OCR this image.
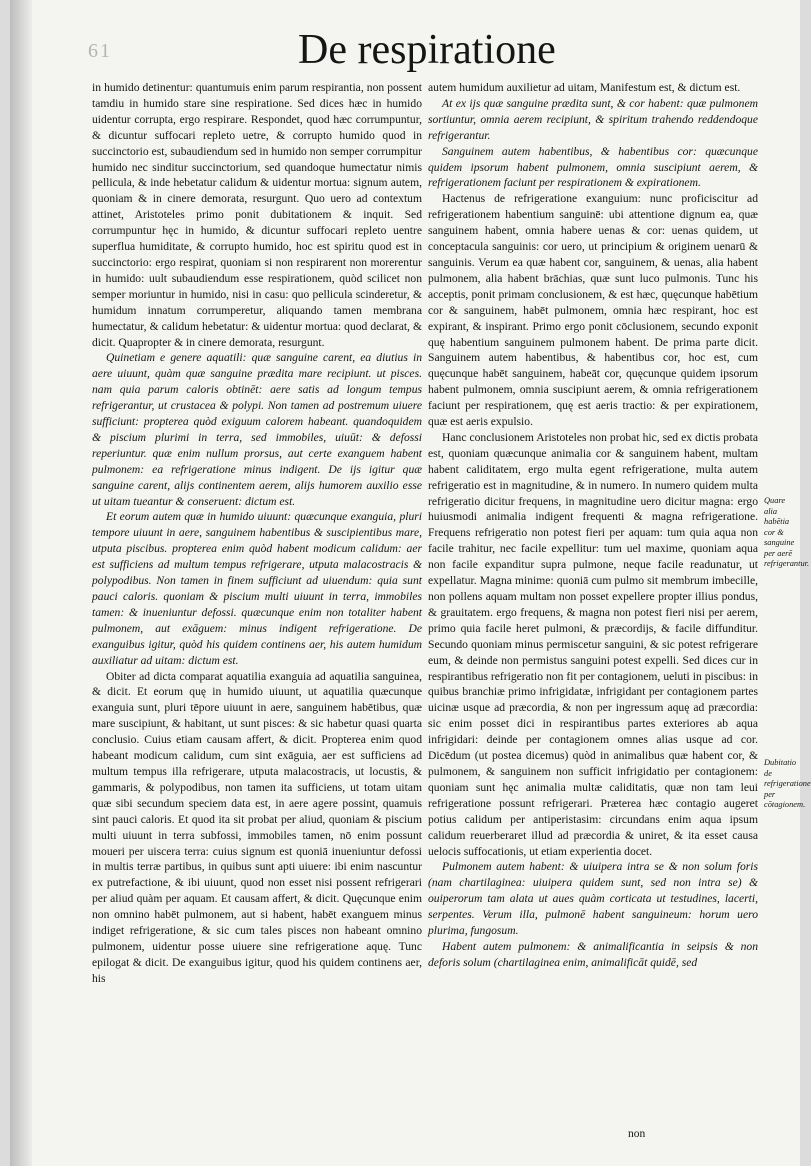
61	De respiratione

in humido detinentur: quantumuis enim parum respirantia, non possent tamdiu in humido stare sine respiratione. Sed dices hæc in humido uidentur corrupta, ergo respirare. Respondet, quod hæc corrumpuntur, & dicuntur suffocari repleto uetre, & corrupto humido quod in succinctorio est, subaudiendum sed in humido non semper corrumpitur humido nec sinditur succinctorium, sed quandoque humectatur nimis pellicula, & inde hebetatur calidum & uidentur mortua: signum autem, quoniam & in cinere demorata, resurgunt. Quo uero ad contextum attinet, Aristoteles primo ponit dubitationem & inquit. Sed corrumpuntur hęc in humido, & dicuntur suffocari repleto uentre superflua humiditate, & corrupto humido, hoc est spiritu quod est in succinctorio: ergo respirat, quoniam si non respirarent non morerentur in humido: uult subaudiendum esse respirationem, quòd scilicet non semper moriuntur in humido, nisi in casu: quo pellicula scinderetur, & humidum innatum corrumperetur, aliquando tamen membrana humectatur, & calidum hebetatur: & uidentur mortua: quod declarat, & dicit. Quapropter & in cinere demorata, resurgunt.

Quinetiam e genere aquatili: quæ sanguine carent, ea diutius in aere uiuunt, quàm quæ sanguine prædita mare recipiunt. ut pisces. nam quia parum caloris obtinēt: aere satis ad longum tempus refrigerantur, ut crustacea & polypi. Non tamen ad postremum uiuere sufficiunt: propterea quòd exiguum calorem habeant. quandoquidem & piscium plurimi in terra, sed immobiles, uiuūt: & defossi reperiuntur. quæ enim nullum prorsus, aut certe exanguem habent pulmonem: ea refrigeratione minus indigent. De ijs igitur quæ sanguine carent, alijs continentem aerem, alijs humorem auxilio esse ut uitam tueantur & conseruent: dictum est.

Et eorum autem quæ in humido uiuunt: quæcunque exanguia, pluri tempore uiuunt in aere, sanguinem habentibus & suscipientibus mare, utputa piscibus. propterea enim quòd habent modicum calidum: aer est sufficiens ad multum tempus refrigerare, utputa malacostracis & polypodibus. Non tamen in finem sufficiunt ad uiuendum: quia sunt pauci caloris. quoniam & piscium multi uiuunt in terra, immobiles tamen: & inueniuntur defossi. quæcunque enim non totaliter habent pulmonem, aut exāguem: minus indigent refrigeratione. De exanguibus igitur, quòd his quidem continens aer, his autem humidum auxiliatur ad uitam: dictum est.

Obiter ad dicta comparat aquatilia exanguia ad aquatilia sanguinea, & dicit. Et eorum quę in humido uiuunt, ut aquatilia quæcunque exanguia sunt, pluri tēpore uiuunt in aere, sanguinem habētibus, quæ mare suscipiunt, & habitant, ut sunt pisces: & sic habetur quasi quarta conclusio. Cuius etiam causam affert, & dicit. Propterea enim quod habeant modicum calidum, cum sint exāguia, aer est sufficiens ad multum tempus illa refrigerare, utputa malacostracis, ut locustis, & gammaris, & polypodibus, non tamen ita sufficiens, ut totam uitam quæ sibi secundum speciem data est, in aere agere possint, quamuis sint pauci caloris. Et quod ita sit probat per aliud, quoniam & piscium multi uiuunt in terra subfossi, immobiles tamen, nō enim possunt moueri per uiscera terra: cuius signum est quoniā inueniuntur defossi in multis terræ partibus, in quibus sunt apti uiuere: ibi enim nascuntur ex putrefactione, & ibi uiuunt, quod non esset nisi possent refrigerari per aliud quàm per aquam. Et causam affert, & dicit. Quęcunque enim non omnino habēt pulmonem, aut si habent, habēt exanguem minus indiget refrigeratione, & sic cum tales pisces non habeant omnino pulmonem, uidentur posse uiuere sine refrigeratione aquę. Tunc epilogat & dicit. De exanguibus igitur, quod his quidem continens aer, his

autem humidum auxilietur ad uitam, Manifestum est, & dictum est.

At ex ijs quæ sanguine prædita sunt, & cor habent: quæ pulmonem sortiuntur, omnia aerem recipiunt, & spiritum trahendo reddendoque refrigerantur.

Sanguinem autem habentibus, & habentibus cor: quæcunque quidem ipsorum habent pulmonem, omnia suscipiunt aerem, & refrigerationem faciunt per respirationem & expirationem.

Hactenus de refrigeratione exanguium: nunc proficiscitur ad refrigerationem habentium sanguinē: ubi attentione dignum ea, quæ sanguinem habent, omnia habere uenas & cor: uenas quidem, ut conceptacula sanguinis: cor uero, ut principium & originem uenarū & sanguinis. Verum ea quæ habent cor, sanguinem, & uenas, alia habent pulmonem, alia habent brāchias, quæ sunt luco pulmonis. Tunc his acceptis, ponit primam conclusionem, & est hæc, quęcunque habētium cor & sanguinem, habēt pulmonem, omnia hæc respirant, hoc est expirant, & inspirant. Primo ergo ponit cōclusionem, secundo exponit quę habentium sanguinem pulmonem habent. De prima parte dicit. Sanguinem autem habentibus, & habentibus cor, hoc est, cum quęcunque habēt sanguinem, habeāt cor, quęcunque quidem ipsorum habent pulmonem, omnia suscipiunt aerem, & omnia refrigerationem faciunt per respirationem, quę est aeris tractio: & per expirationem, quæ est aeris expulsio.

Hanc conclusionem Aristoteles non probat hic, sed ex dictis probata est, quoniam quæcunque animalia cor & sanguinem habent, multam habent caliditatem, ergo multa egent refrigeratione, multa autem refrigeratio est in magnitudine, & in numero. In numero quidem multa refrigeratio dicitur frequens, in magnitudine uero dicitur magna: ergo huiusmodi animalia indigent frequenti & magna refrigeratione. Frequens refrigeratio non potest fieri per aquam: tum quia aqua non facile trahitur, nec facile expellitur: tum uel maxime, quoniam aqua non facile expanditur supra pulmone, neque facile readunatur, ut expellatur. Magna minime: quoniā cum pulmo sit membrum imbecille, non pollens aquam multam non posset expellere propter illius pondus, & grauitatem. ergo frequens, & magna non potest fieri nisi per aerem, primo quia facile heret pulmoni, & præcordijs, & facile diffunditur. Secundo quoniam minus permiscetur sanguini, & sic potest refrigerare eum, & deinde non permistus sanguini potest expelli. Sed dices cur in respirantibus refrigeratio non fit per contagionem, ueluti in piscibus: in quibus branchiæ primo infrigidatæ, infrigidant per contagionem partes uicinæ usque ad præcordia, & non per ingressum aquę ad præcordia: sic enim posset dici in respirantibus partes exteriores ab aqua infrigidari: deinde per contagionem omnes alias usque ad cor. Dicēdum (ut postea dicemus) quòd in animalibus quæ habent cor, & pulmonem, & sanguinem non sufficit infrigidatio per contagionem: quoniam sunt hęc animalia multæ caliditatis, quæ non tam leui refrigeratione possunt refrigerari. Præterea hæc contagio augeret potius calidum per antiperistasim: circundans enim aqua ipsum calidum reuerberaret illud ad præcordia & uniret, & ita esset causa uelocis suffocationis, ut etiam experientia docet.

Pulmonem autem habent: & uiuipera intra se & non solum foris (nam chartilaginea: uiuipera quidem sunt, sed non intra se) & ouiperorum tam alata ut aues quàm corticata ut testudines, lacerti, serpentes. Verum illa, pulmonē habent sanguineum: horum uero plurima, fungosum.

Habent autem pulmonem: & animalificantia in seipsis & non deforis solum (chartilaginea enim, animalificāt quidē, sed

Quare alia habētia cor & sanguine per aerē refrigerantur.
Dubitatio de refrigeratione per cōtagionem.
non
